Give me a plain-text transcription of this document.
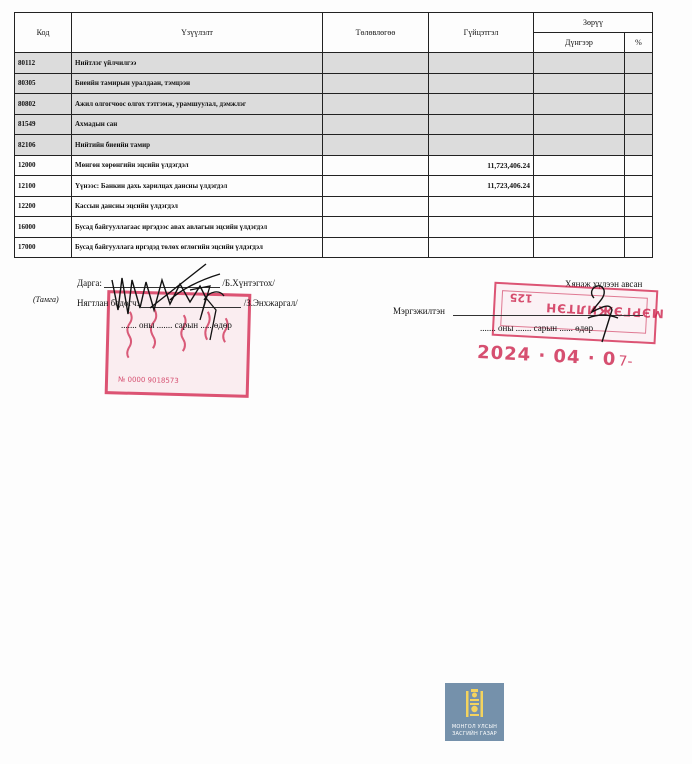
Код	Үзүүлэлт	Төлөвлөгөө	Гүйцэтгэл	Зөрүү	
				Дүнгээр	%
80112	Нийтлэг үйлчилгээ				
80305	Биеийн тамирын уралдаан, тэмцээн				
80802	Ажил олгогчоос олгох тэтгэмж, урамшуулал, дэмжлэг				
81549	Ахмадын сан				
82106	Нийтийн биеийн тамир				
12000	Мөнгөн хөрөнгийн эцсийн үлдэгдэл		11,723,406.24		
12100	Үүнээс: Банкин дахь харилцах дансны үлдэгдэл		11,723,406.24		
12200	Кассын дансны эцсийн үлдэгдэл				
16000	Бусад байгууллагаас иргэдээс авах авлагын эцсийн үлдэгдэл				
17000	Бусад байгууллага иргэдэд төлөх өглөгийн эцсийн үлдэгдэл				
№ 0000 9018573
(Тамга)
Дарга:	/Б.Хүнтэгтох/
Нягтлан бодогч:	/З.Энхжаргал/
....... оны ....... сарын ..... өдөр
Хянаж хүлээн авсан
125
МЭРГЭЖИЛТЭН
Мэргэжилтэн
....... оны ....... сарын ...... өдөр
2024 · 04 · 0 7-
МОНГОЛ УЛСЫН
ЗАСГИЙН ГАЗАР
